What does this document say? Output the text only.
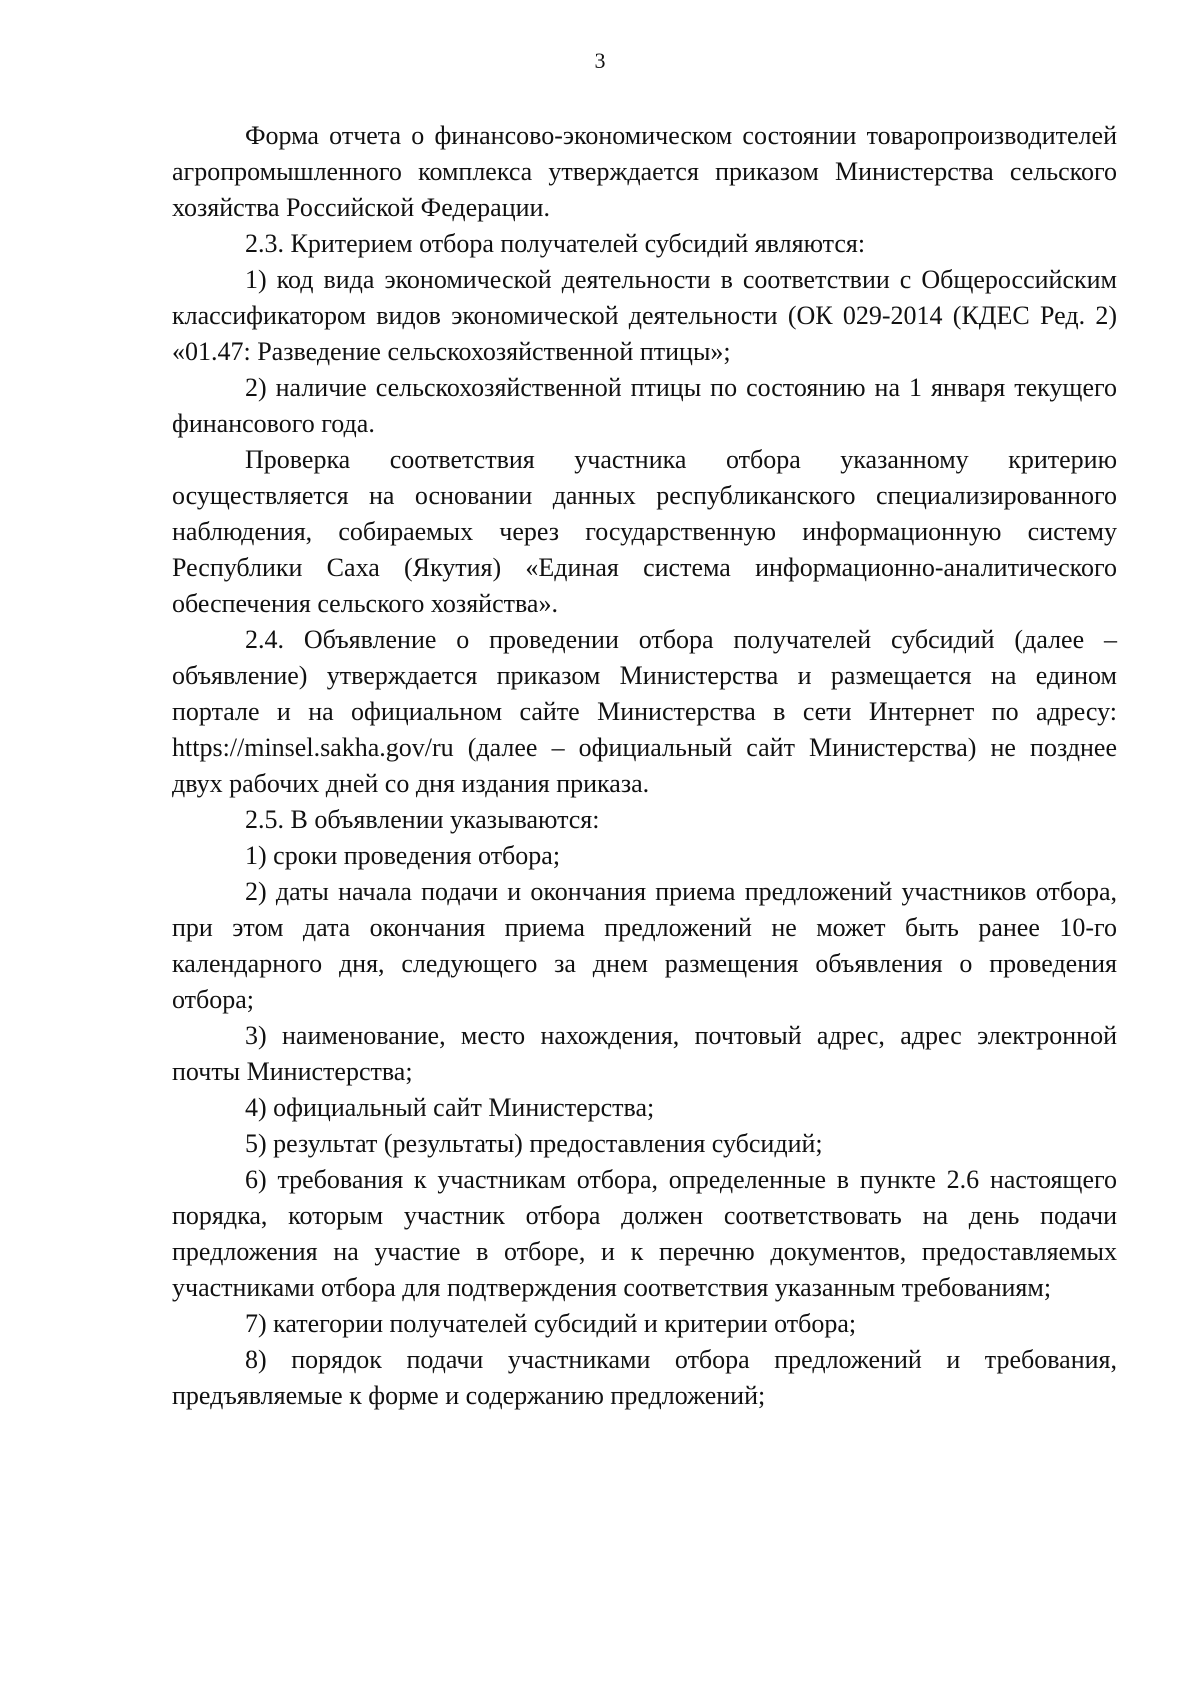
3

Форма отчета о финансово-экономическом состоянии товаропроизводителей агропромышленного комплекса утверждается приказом Министерства сельского хозяйства Российской Федерации.

2.3. Критерием отбора получателей субсидий являются:

1) код вида экономической деятельности в соответствии с Общероссийским классификатором видов экономической деятельности (ОК 029-2014 (КДЕС Ред. 2) «01.47: Разведение сельскохозяйственной птицы»;

2) наличие сельскохозяйственной птицы по состоянию на 1 января текущего финансового года.

Проверка соответствия участника отбора указанному критерию осуществляется на основании данных республиканского специализированного наблюдения, собираемых через государственную информационную систему Республики Саха (Якутия) «Единая система информационно-аналитического обеспечения сельского хозяйства».

2.4. Объявление о проведении отбора получателей субсидий (далее – объявление) утверждается приказом Министерства и размещается на едином портале и на официальном сайте Министерства в сети Интернет по адресу: https://minsel.sakha.gov/ru (далее – официальный сайт Министерства) не позднее двух рабочих дней со дня издания приказа.

2.5. В объявлении указываются:

1) сроки проведения отбора;

2) даты начала подачи и окончания приема предложений участников отбора, при этом дата окончания приема предложений не может быть ранее 10-го календарного дня, следующего за днем размещения объявления о проведения отбора;

3) наименование, место нахождения, почтовый адрес, адрес электронной почты Министерства;

4) официальный сайт Министерства;

5) результат (результаты) предоставления субсидий;

6) требования к участникам отбора, определенные в пункте 2.6 настоящего порядка, которым участник отбора должен соответствовать на день подачи предложения на участие в отборе, и к перечню документов, предоставляемых участниками отбора для подтверждения соответствия указанным требованиям;

7) категории получателей субсидий и критерии отбора;

8) порядок подачи участниками отбора предложений и требования, предъявляемые к форме и содержанию предложений;
